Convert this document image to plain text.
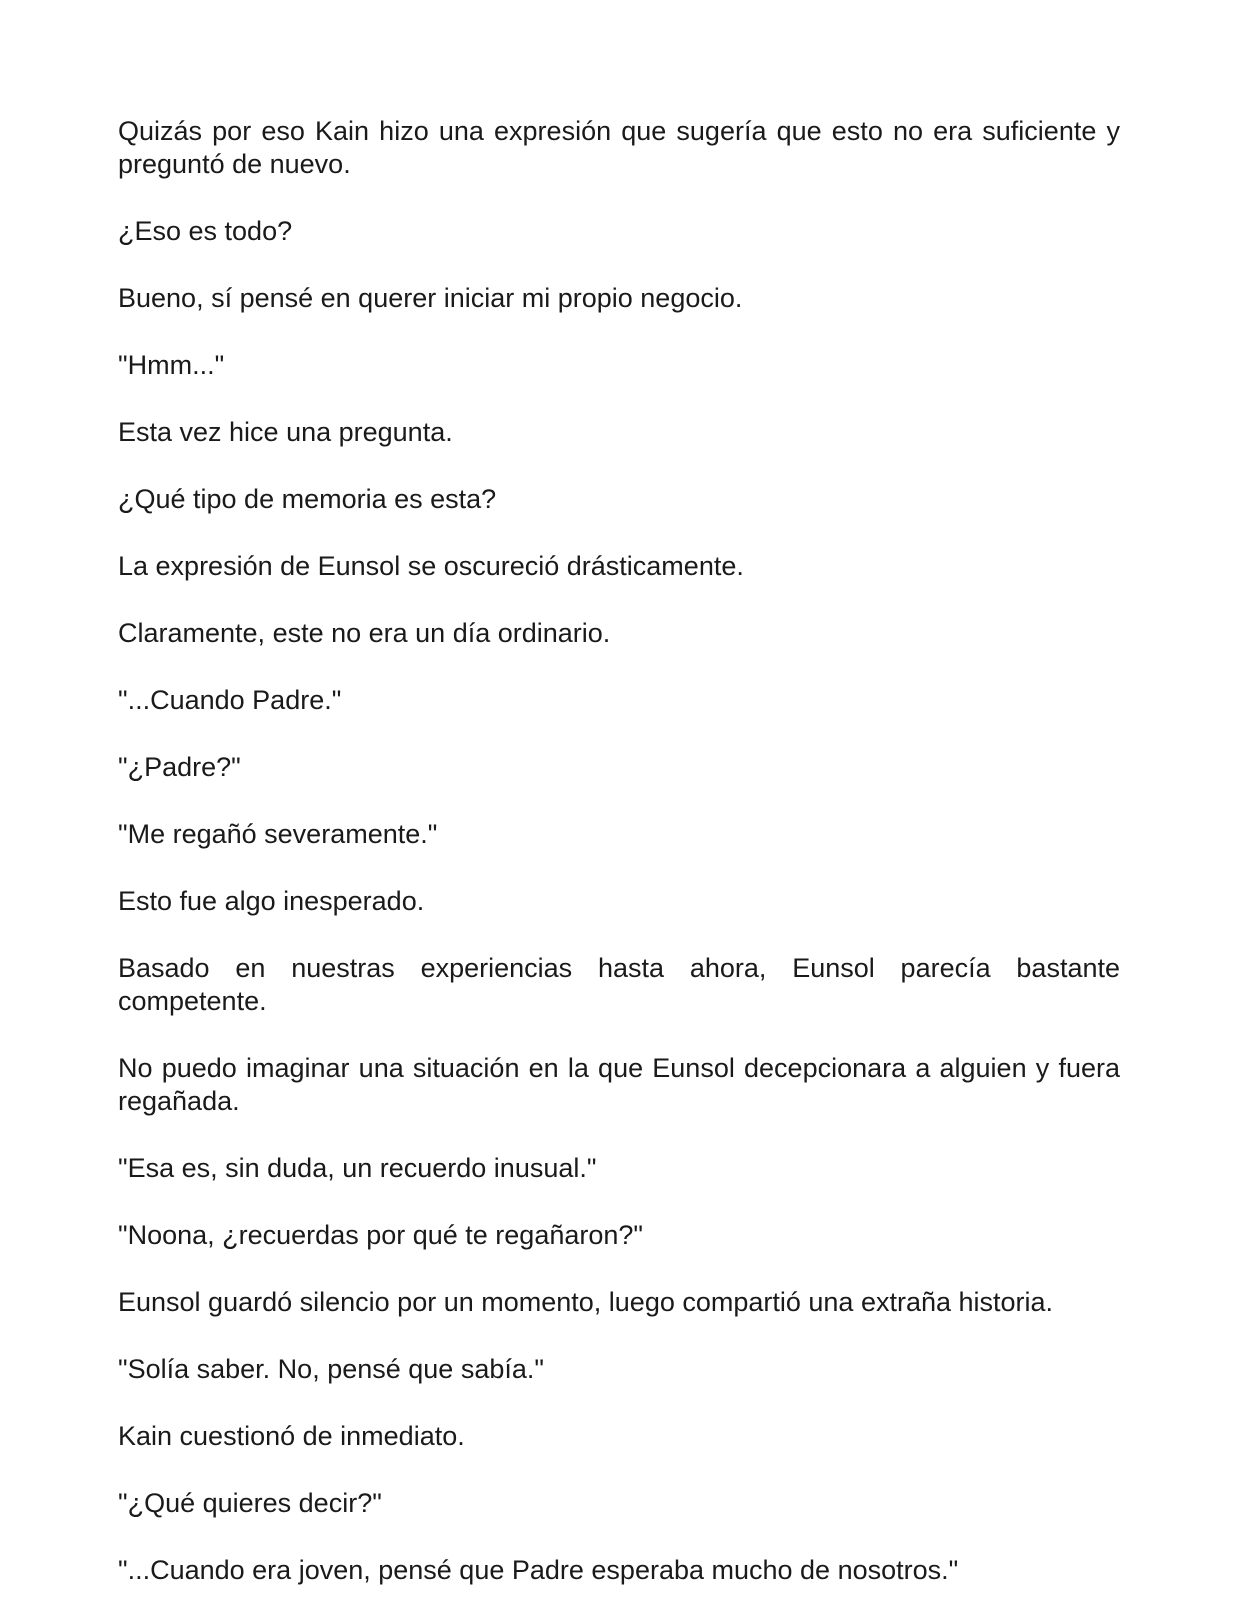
Quizás por eso Kain hizo una expresión que sugería que esto no era suficiente y preguntó de nuevo.

¿Eso es todo?

Bueno, sí pensé en querer iniciar mi propio negocio.

"Hmm..."

Esta vez hice una pregunta.

¿Qué tipo de memoria es esta?

La expresión de Eunsol se oscureció drásticamente.

Claramente, este no era un día ordinario.

"...Cuando Padre."

"¿Padre?"

"Me regañó severamente."

Esto fue algo inesperado.

Basado en nuestras experiencias hasta ahora, Eunsol parecía bastante competente.

No puedo imaginar una situación en la que Eunsol decepcionara a alguien y fuera regañada.

"Esa es, sin duda, un recuerdo inusual."

"Noona, ¿recuerdas por qué te regañaron?"

Eunsol guardó silencio por un momento, luego compartió una extraña historia.

"Solía saber. No, pensé que sabía."

Kain cuestionó de inmediato.

"¿Qué quieres decir?"

"...Cuando era joven, pensé que Padre esperaba mucho de nosotros."
